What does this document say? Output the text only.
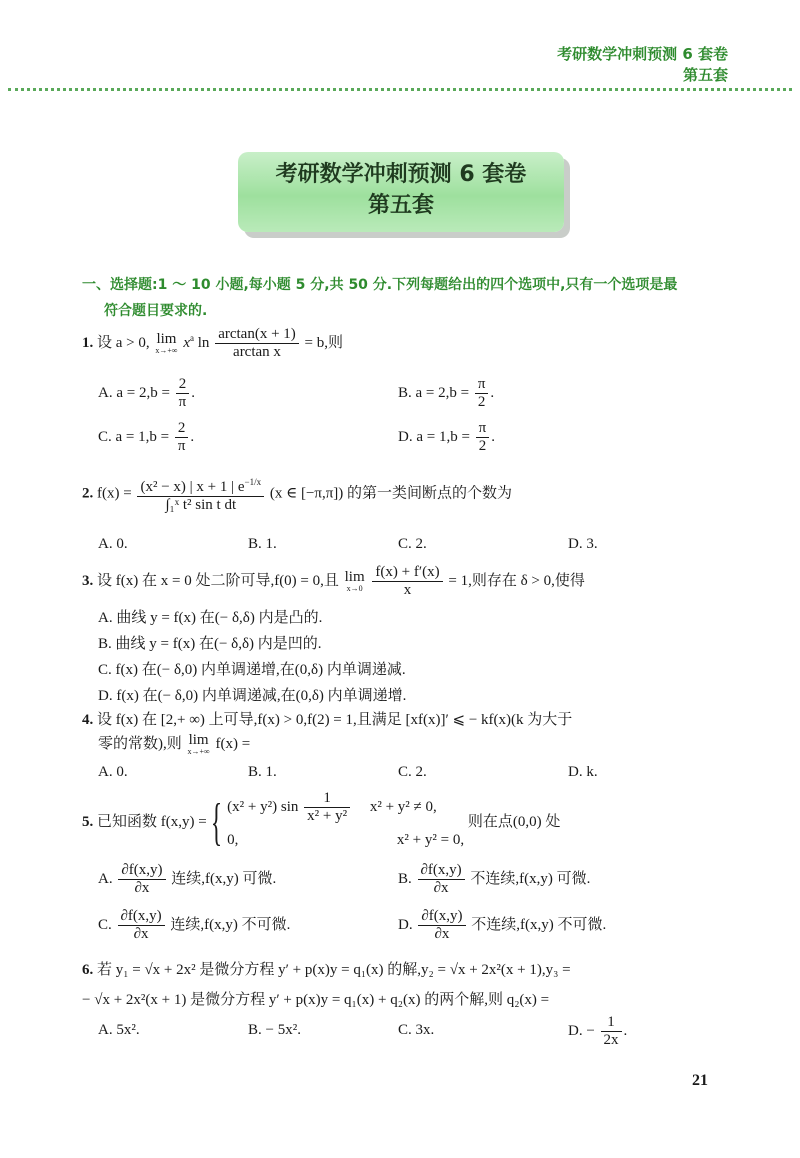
考研数学冲刺预测 6 套卷
第五套
考研数学冲刺预测 6 套卷
第五套
一、选择题:1 ～ 10 小题,每小题 5 分,共 50 分.下列每题给出的四个选项中,只有一个选项是最
符合题目要求的.
1. 设 a > 0, lim
x→+∞ $x^a$ $\ln \frac{\arctan(x + 1)}{\text{arctan x}} = b$,则
A. $a = 2,b = \frac{2}{\pi}$ .	B. $a = 2,b = \frac{\pi}{2}$ .
C. $a = 1,b = \frac{2}{\pi}$ .	D. $a = 1,b = \frac{\pi}{2}$ .
2. $f(x) = \frac{(x^2 - x) | x + 1 | e^{-1/x}}{\text{∫₁ˣ t² sin t dt}} (x$ ∈ [−π,π]) 的第一类间断点的个数为
A. 0.	B. 1.	C. 2.	D. 3.
3. 设 f(x) 在 x = 0 处二阶可导,f(0) = 0,且 lim
x→0
$\frac{f(x) + f'(x)}{x} = 1$,则存在 δ > 0,使得
A. 曲线 y = f(x) 在(− δ,δ) 内是凸的.
B. 曲线 y = f(x) 在(− δ,δ) 内是凹的.
C. f(x) 在(− δ,0) 内单调递增,在(0,δ) 内单调递减.
D. f(x) 在(− δ,0) 内单调递减,在(0,δ) 内单调递增.
4. 设 f(x) 在 [2,+ ∞) 上可导,f(x) > 0,f(2) = 1,且满足 [xf(x)]′ ⩽ − kf(x)(k 为大于
零的常数),则 lim
x→+∞ f(x) =
A. 0.	B. 1.	C. 2.	D. k.
5. 已知函数 f(x,y) = { (x² + y²) $\sin \frac{1}{\text{x² + y²}} x^2 + y^2 \ne 0$,
0,	x² + y² = 0,
则在点(0,0) 处
A. $\frac{\partial f(x,y)}{\partial x}$ 连续,f(x,y) 可微.	B. $\frac{\partial f(x,y)}{\partial x}$ 不连续,f(x,y) 可微.
C. $\frac{\partial f(x,y)}{\partial x}$ 连续,f(x,y) 不可微.	D. $\frac{\partial f(x,y)}{\partial x}$ 不连续,f(x,y) 不可微.
6. 若 y₁ = √x + 2x² 是微分方程 y′ + p(x)y = q₁(x) 的解,y₂ = √x + 2x²(x + 1),y₃ =
− √x + 2x²(x + 1) 是微分方程 y′ + p(x)y = q₁(x) + q₂(x) 的两个解,则 q₂(x) =
A. 5x².	B. − 5x².	C. 3x.	D. − $\frac{1}{2x}$ .
21
